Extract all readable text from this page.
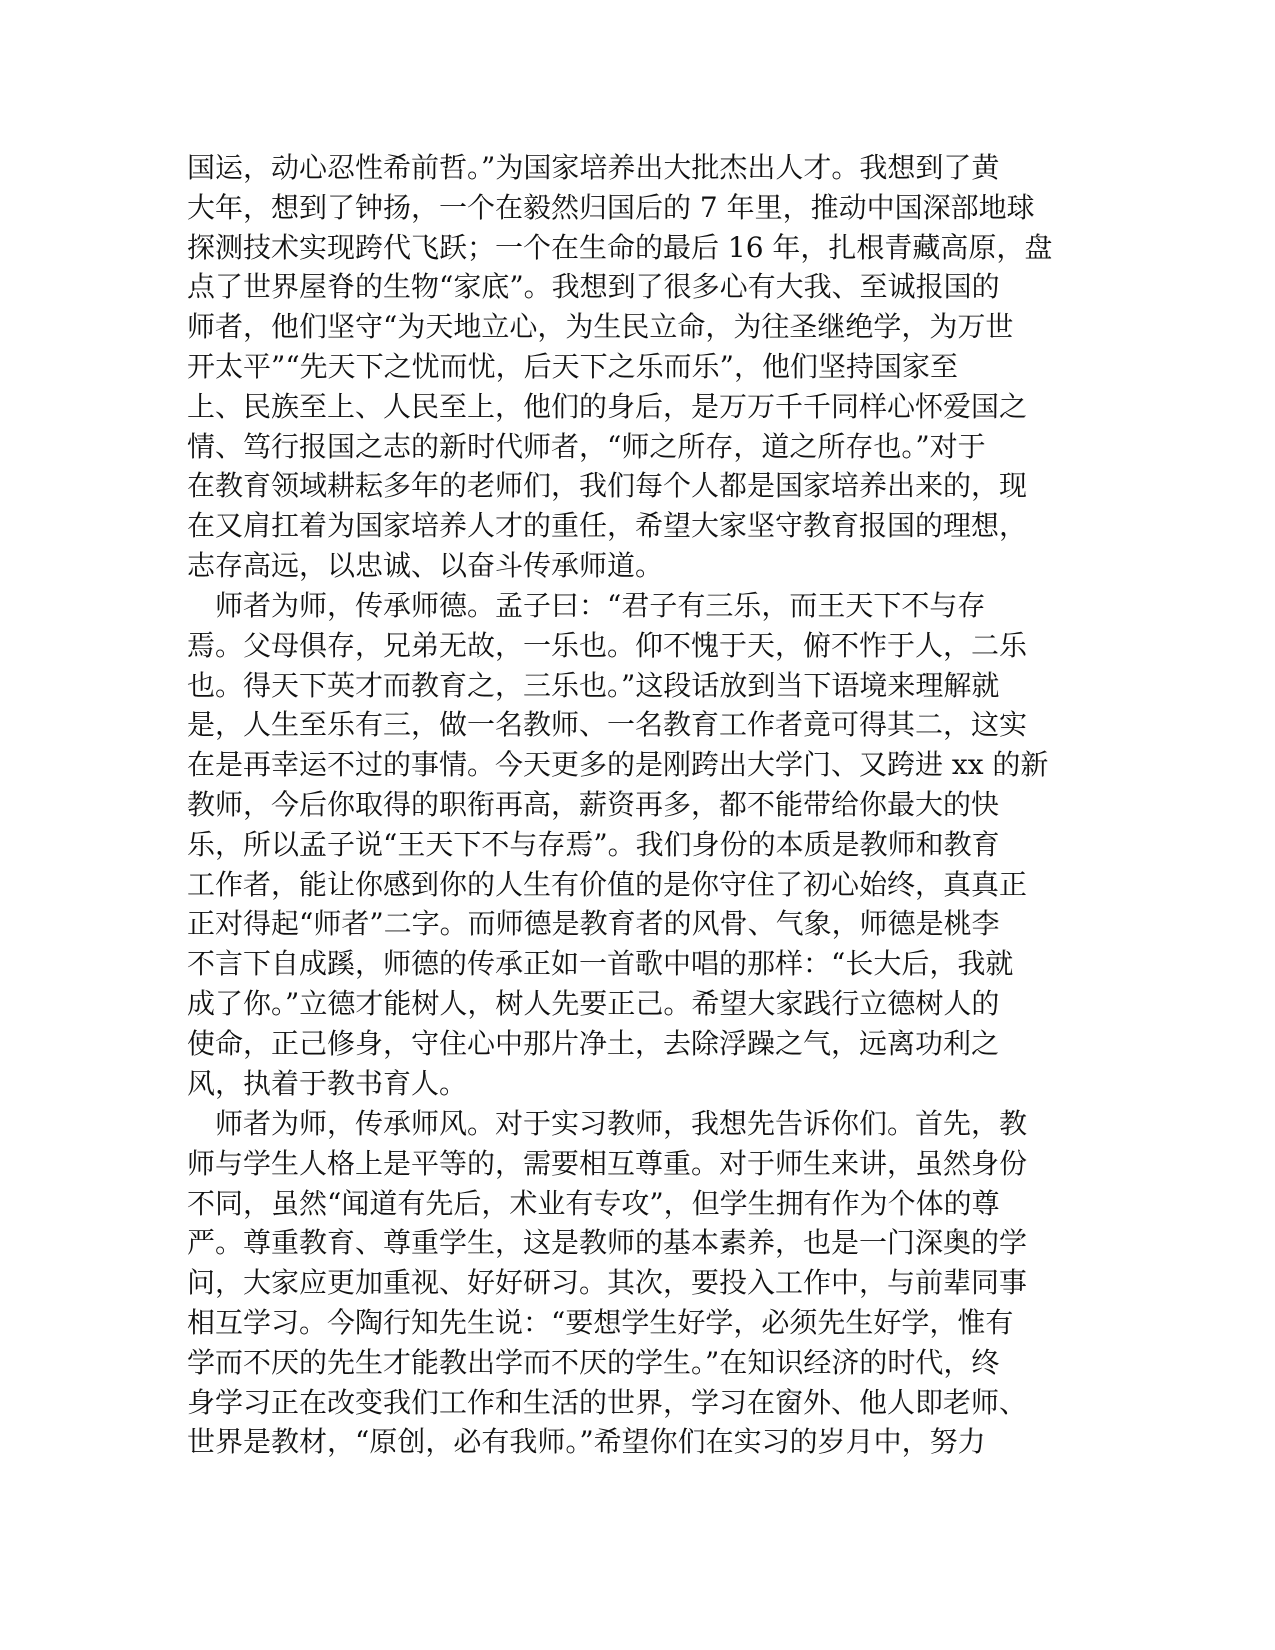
国运，动心忍性希前哲。”为国家培养出大批杰出人才。我想到了黄
大年，想到了钟扬，一个在毅然归国后的 7 年里，推动中国深部地球
探测技术实现跨代飞跃；一个在生命的最后 16 年，扎根青藏高原，盘
点了世界屋脊的生物“家底”。我想到了很多心有大我、至诚报国的
师者，他们坚守“为天地立心，为生民立命，为往圣继绝学，为万世
开太平”“先天下之忧而忧，后天下之乐而乐”，他们坚持国家至
上、民族至上、人民至上，他们的身后，是万万千千同样心怀爱国之
情、笃行报国之志的新时代师者，“师之所存，道之所存也。”对于
在教育领域耕耘多年的老师们，我们每个人都是国家培养出来的，现
在又肩扛着为国家培养人才的重任，希望大家坚守教育报国的理想，
志存高远，以忠诚、以奋斗传承师道。
　师者为师，传承师德。孟子曰：“君子有三乐，而王天下不与存
焉。父母俱存，兄弟无故，一乐也。仰不愧于天，俯不怍于人，二乐
也。得天下英才而教育之，三乐也。”这段话放到当下语境来理解就
是，人生至乐有三，做一名教师、一名教育工作者竟可得其二，这实
在是再幸运不过的事情。今天更多的是刚跨出大学门、又跨进 xx 的新
教师，今后你取得的职衔再高，薪资再多，都不能带给你最大的快
乐，所以孟子说“王天下不与存焉”。我们身份的本质是教师和教育
工作者，能让你感到你的人生有价值的是你守住了初心始终，真真正
正对得起“师者”二字。而师德是教育者的风骨、气象，师德是桃李
不言下自成蹊，师德的传承正如一首歌中唱的那样：“长大后，我就
成了你。”立德才能树人，树人先要正己。希望大家践行立德树人的
使命，正己修身，守住心中那片净土，去除浮躁之气，远离功利之
风，执着于教书育人。
　师者为师，传承师风。对于实习教师，我想先告诉你们。首先，教
师与学生人格上是平等的，需要相互尊重。对于师生来讲，虽然身份
不同，虽然“闻道有先后，术业有专攻”，但学生拥有作为个体的尊
严。尊重教育、尊重学生，这是教师的基本素养，也是一门深奥的学
问，大家应更加重视、好好研习。其次，要投入工作中，与前辈同事
相互学习。今陶行知先生说：“要想学生好学，必须先生好学，惟有
学而不厌的先生才能教出学而不厌的学生。”在知识经济的时代，终
身学习正在改变我们工作和生活的世界，学习在窗外、他人即老师、
世界是教材，“原创，必有我师。”希望你们在实习的岁月中，努力
